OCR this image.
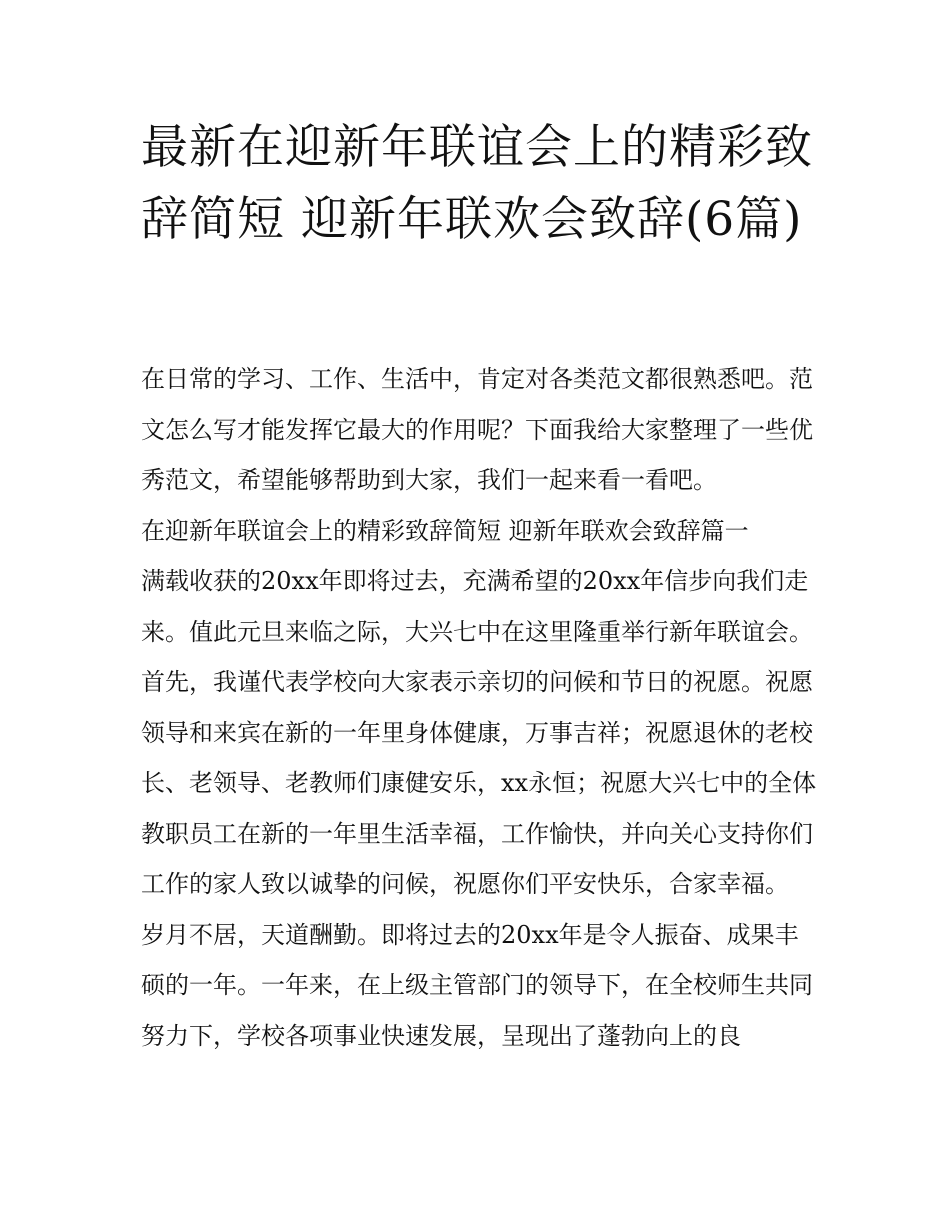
最新在迎新年联谊会上的精彩致辞简短 迎新年联欢会致辞(6篇)

在日常的学习、工作、生活中，肯定对各类范文都很熟悉吧。范文怎么写才能发挥它最大的作用呢？下面我给大家整理了一些优秀范文，希望能够帮助到大家，我们一起来看一看吧。

在迎新年联谊会上的精彩致辞简短 迎新年联欢会致辞篇一

满载收获的20xx年即将过去，充满希望的20xx年信步向我们走来。值此元旦来临之际，大兴七中在这里隆重举行新年联谊会。首先，我谨代表学校向大家表示亲切的问候和节日的祝愿。祝愿领导和来宾在新的一年里身体健康，万事吉祥；祝愿退休的老校长、老领导、老教师们康健安乐，xx永恒；祝愿大兴七中的全体教职员工在新的一年里生活幸福，工作愉快，并向关心支持你们工作的家人致以诚挚的问候，祝愿你们平安快乐，合家幸福。

岁月不居，天道酬勤。即将过去的20xx年是令人振奋、成果丰硕的一年。一年来，在上级主管部门的领导下，在全校师生共同努力下，学校各项事业快速发展，呈现出了蓬勃向上的良
